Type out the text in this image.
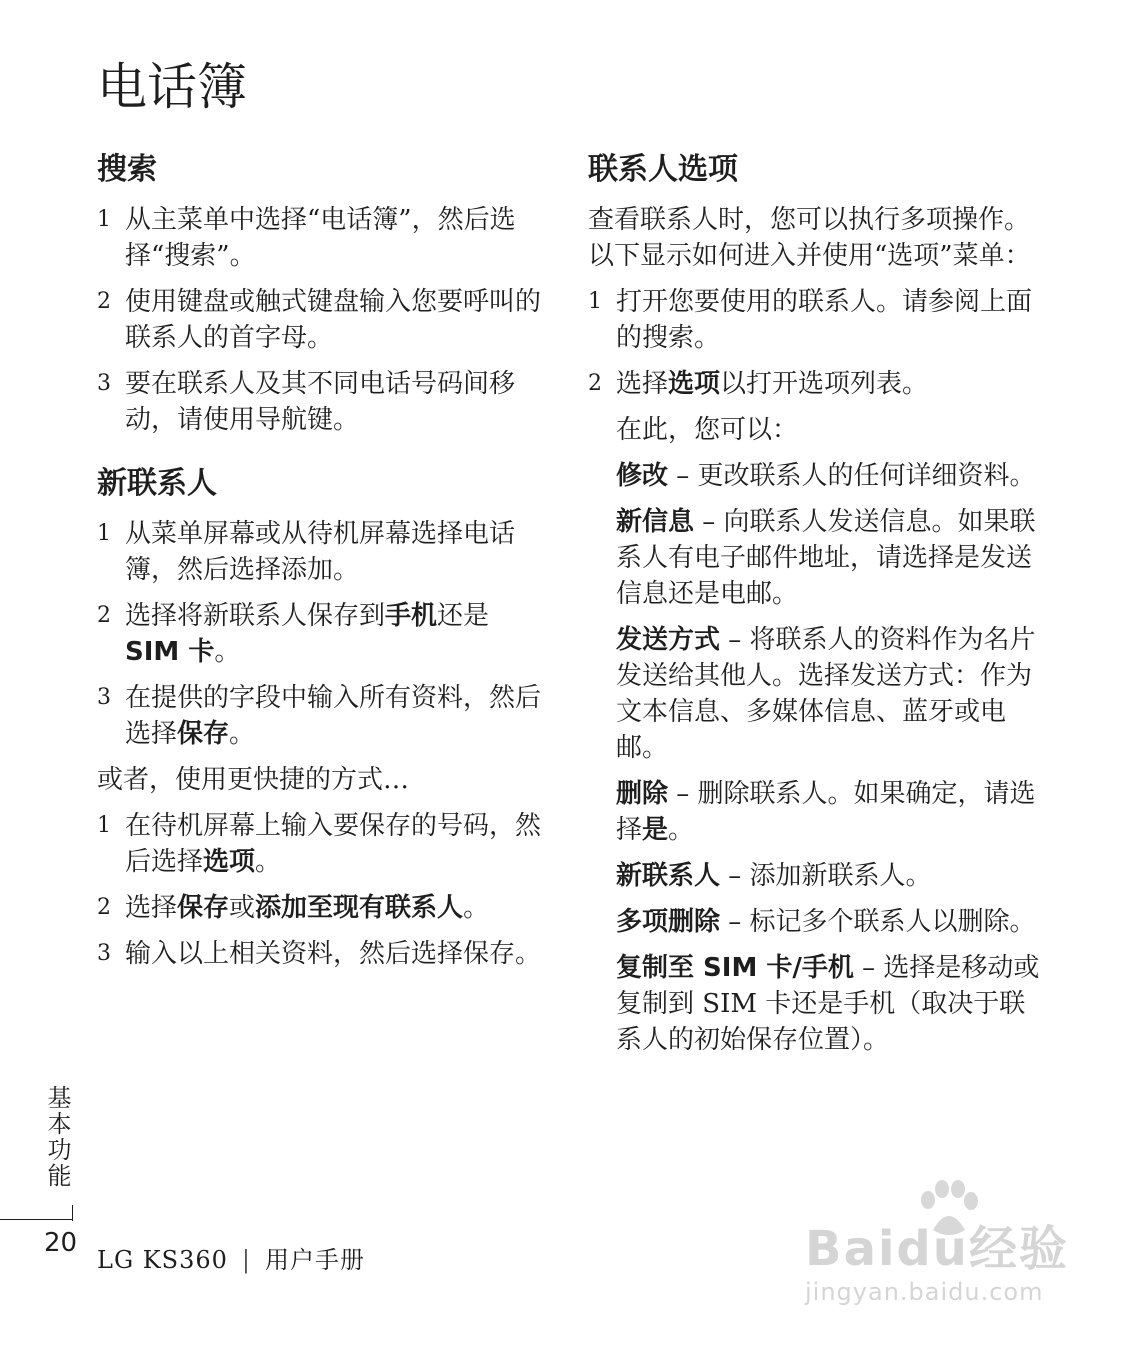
电话簿
搜索
1 从主菜单中选择“电话簿”，然后选择“搜索”。
2 使用键盘或触式键盘输入您要呼叫的联系人的首字母。
3 要在联系人及其不同电话号码间移动，请使用导航键。
新联系人
1 从菜单屏幕或从待机屏幕选择电话簿，然后选择添加。
2 选择将新联系人保存到手机还是
SIM 卡。
3 在提供的字段中输入所有资料，然后选择保存。

或者，使用更快捷的方式…

1 在待机屏幕上输入要保存的号码，然后选择选项。
2 选择保存或添加至现有联系人。
3 输入以上相关资料，然后选择保存。
联系人选项

查看联系人时，您可以执行多项操作。以下显示如何进入并使用“选项”菜单：

1 打开您要使用的联系人。请参阅上面的搜索。
2 选择选项以打开选项列表。

在此，您可以：

修改 – 更改联系人的任何详细资料。

新信息 – 向联系人发送信息。如果联系人有电子邮件地址，请选择是发送信息还是电邮。

发送方式 – 将联系人的资料作为名片发送给其他人。选择发送方式：作为文本信息、多媒体信息、蓝牙或电邮。

删除 – 删除联系人。如果确定，请选择是。

新联系人 – 添加新联系人。

多项删除 – 标记多个联系人以删除。

复制至 SIM 卡/手机 – 选择是移动或复制到 SIM 卡还是手机（取决于联系人的初始保存位置）。

基本功能
20
LG KS360 | 用户手册	Baidu经验
jingyan.baidu.com
